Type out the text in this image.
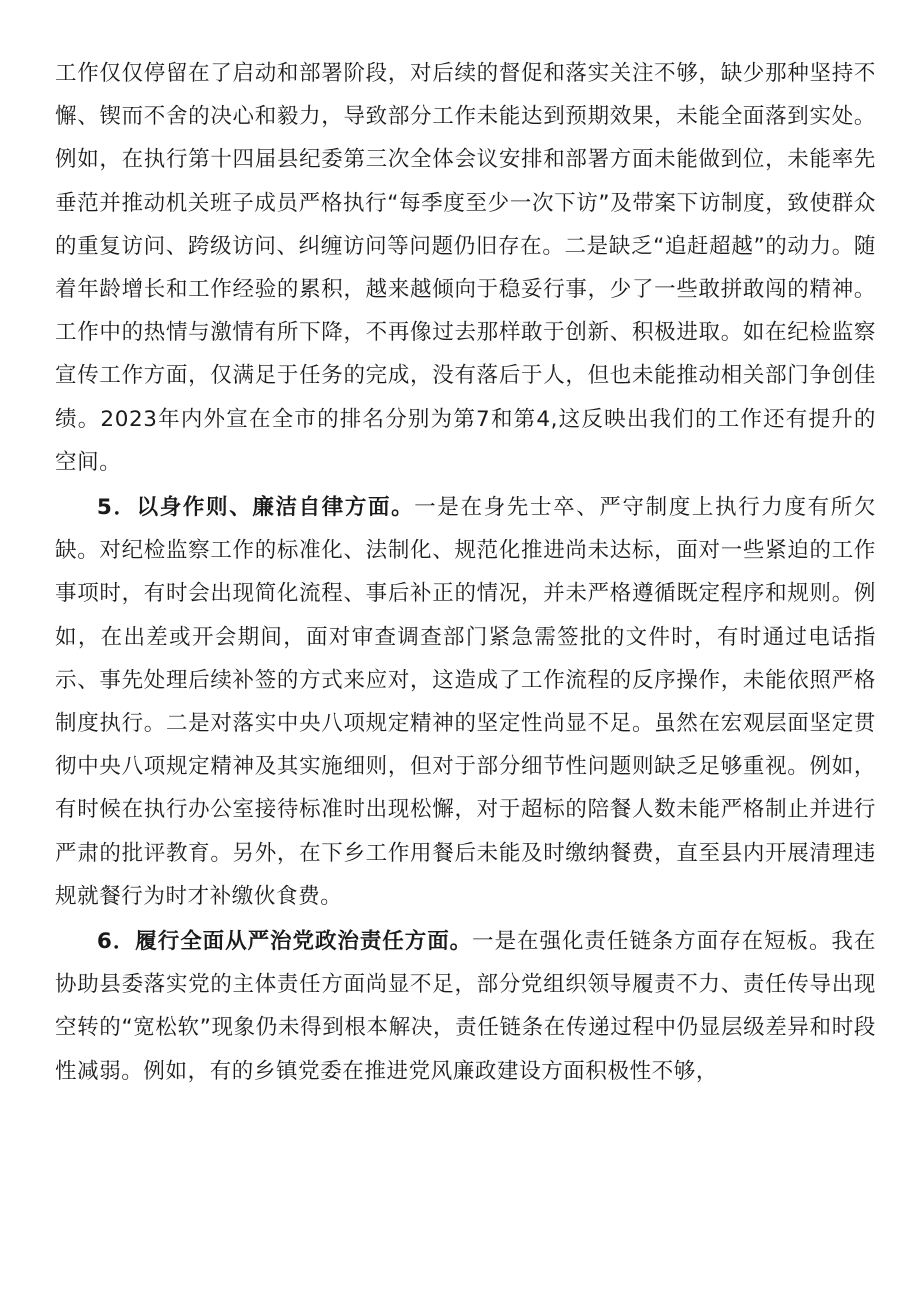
工作仅仅停留在了启动和部署阶段，对后续的督促和落实关注不够，缺少那种坚持不懈、锲而不舍的决心和毅力，导致部分工作未能达到预期效果，未能全面落到实处。例如，在执行第十四届县纪委第三次全体会议安排和部署方面未能做到位，未能率先垂范并推动机关班子成员严格执行“每季度至少一次下访”及带案下访制度，致使群众的重复访问、跨级访问、纠缠访问等问题仍旧存在。二是缺乏“追赶超越”的动力。随着年龄增长和工作经验的累积，越来越倾向于稳妥行事，少了一些敢拼敢闯的精神。工作中的热情与激情有所下降，不再像过去那样敢于创新、积极进取。如在纪检监察宣传工作方面，仅满足于任务的完成，没有落后于人，但也未能推动相关部门争创佳绩。2023年内外宣在全市的排名分别为第7和第4,这反映出我们的工作还有提升的空间。

5．以身作则、廉洁自律方面。一是在身先士卒、严守制度上执行力度有所欠缺。对纪检监察工作的标准化、法制化、规范化推进尚未达标，面对一些紧迫的工作事项时，有时会出现简化流程、事后补正的情况，并未严格遵循既定程序和规则。例如，在出差或开会期间，面对审查调查部门紧急需签批的文件时，有时通过电话指示、事先处理后续补签的方式来应对，这造成了工作流程的反序操作，未能依照严格制度执行。二是对落实中央八项规定精神的坚定性尚显不足。虽然在宏观层面坚定贯彻中央八项规定精神及其实施细则，但对于部分细节性问题则缺乏足够重视。例如，有时候在执行办公室接待标准时出现松懈，对于超标的陪餐人数未能严格制止并进行严肃的批评教育。另外，在下乡工作用餐后未能及时缴纳餐费，直至县内开展清理违规就餐行为时才补缴伙食费。

6．履行全面从严治党政治责任方面。一是在强化责任链条方面存在短板。我在协助县委落实党的主体责任方面尚显不足，部分党组织领导履责不力、责任传导出现空转的“宽松软”现象仍未得到根本解决，责任链条在传递过程中仍显层级差异和时段性减弱。例如，有的乡镇党委在推进党风廉政建设方面积极性不够，
